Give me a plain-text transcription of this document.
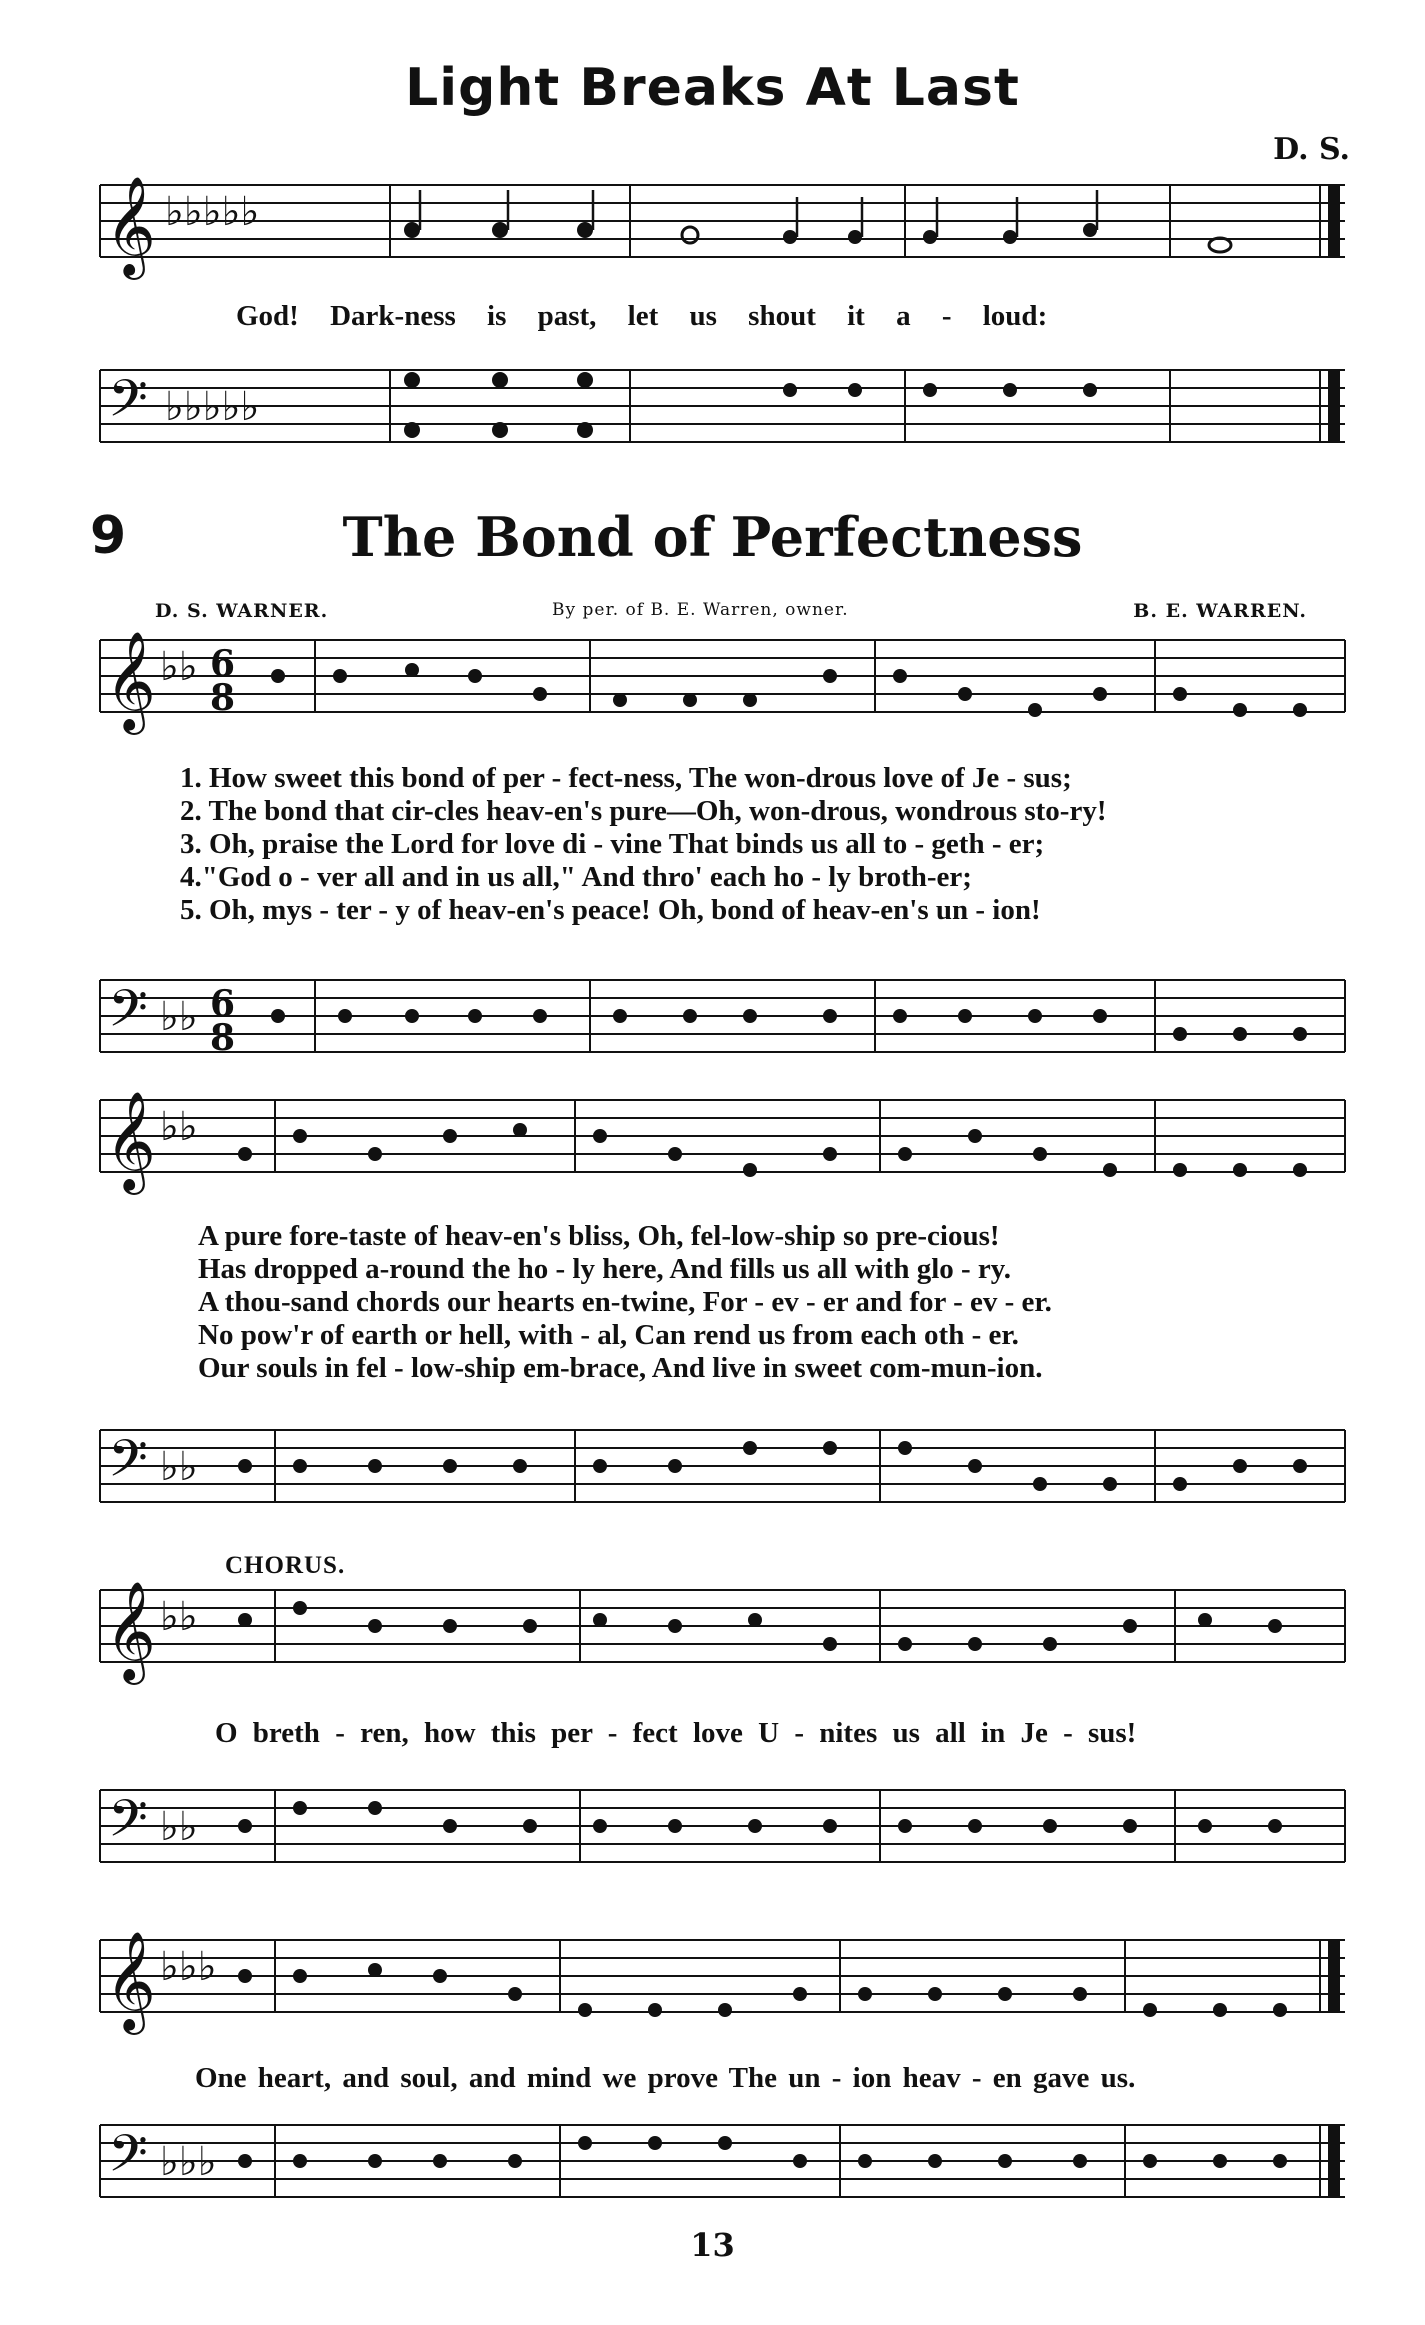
Light Breaks At Last
D. S.
𝄞 ♭♭♭♭♭
God! Dark-ness is past, let us shout it a - loud:
𝄢 ♭♭♭♭♭
9	The Bond of Perfectness
D. S. WARNER.	By per. of B. E. Warren, owner.	B. E. WARREN.
𝄞 ♭♭ 6
8
1. How sweet this bond of per - fect-ness, The won-drous love of Je - sus;
2. The bond that cir-cles heav-en's pure—Oh, won-drous, wondrous sto-ry!
3. Oh, praise the Lord for love di - vine That binds us all to - geth - er;
4."God o - ver all and in us all," And thro' each ho - ly broth-er;
5. Oh, mys - ter - y of heav-en's peace! Oh, bond of heav-en's un - ion!
𝄢 ♭♭ 6
8
𝄞 ♭♭
A pure fore-taste of heav-en's bliss, Oh, fel-low-ship so pre-cious!
Has dropped a-round the ho - ly here, And fills us all with glo - ry.
A thou-sand chords our hearts en-twine, For - ev - er and for - ev - er.
No pow'r of earth or hell, with - al, Can rend us from each oth - er.
Our souls in fel - low-ship em-brace, And live in sweet com-mun-ion.
𝄢 ♭♭
CHORUS.
𝄞 ♭♭
O breth - ren, how this per - fect love U - nites us all in Je - sus!
𝄢 ♭♭
𝄞 ♭♭♭
One heart, and soul, and mind we prove The un - ion heav - en gave us.
𝄢 ♭♭♭
13
